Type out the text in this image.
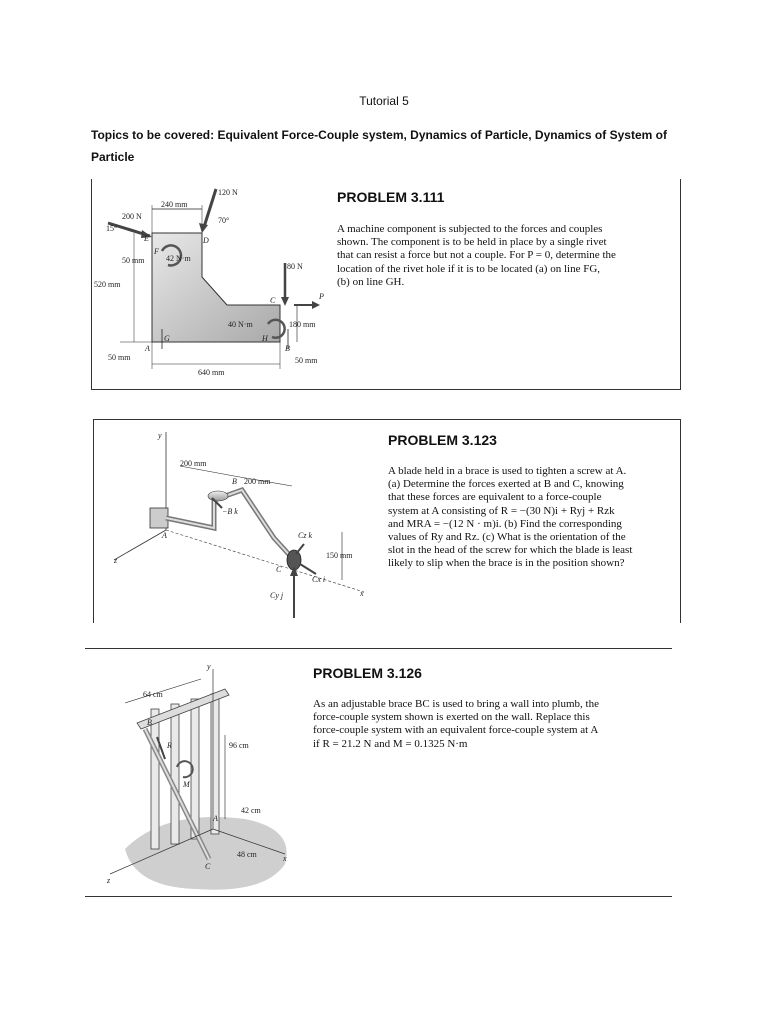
Tutorial 5
Topics to be covered: Equivalent Force-Couple system, Dynamics of Particle, Dynamics of System of
Particle
120 N
240 mm
200 N
15°
70°
E
F
D
42 N·m
50 mm
520 mm
80 N
C	P
40 N·m	180 mm
A
G	H
B
50 mm	50 mm
640 mm
PROBLEM 3.111

A machine component is subjected to the forces and couples

shown. The component is to be held in place by a single rivet

that can resist a force but not a couple. For P = 0, determine the

location of the rivet hole if it is to be located (a) on line FG,

(b) on line GH.

y
200 mm
B 200 mm
−B k
A
z
Cz k
150 mm
C
Cx i
Cy j	x
PROBLEM 3.123

A blade held in a brace is used to tighten a screw at A.

(a) Determine the forces exerted at B and C, knowing

that these forces are equivalent to a force-couple

system at A consisting of R = −(30 N)i + Ryj + Rzk

and MRA = −(12 N · m)i. (b) Find the corresponding

values of Ry and Rz. (c) What is the orientation of the

slot in the head of the screw for which the blade is least

likely to slip when the brace is in the position shown?

y
64 cm
B
R	96 cm
M
42 cm
A
48 cm
C
x
z
PROBLEM 3.126

As an adjustable brace BC is used to bring a wall into plumb, the

force-couple system shown is exerted on the wall. Replace this

force-couple system with an equivalent force-couple system at A

if R = 21.2 N and M = 0.1325 N·m
